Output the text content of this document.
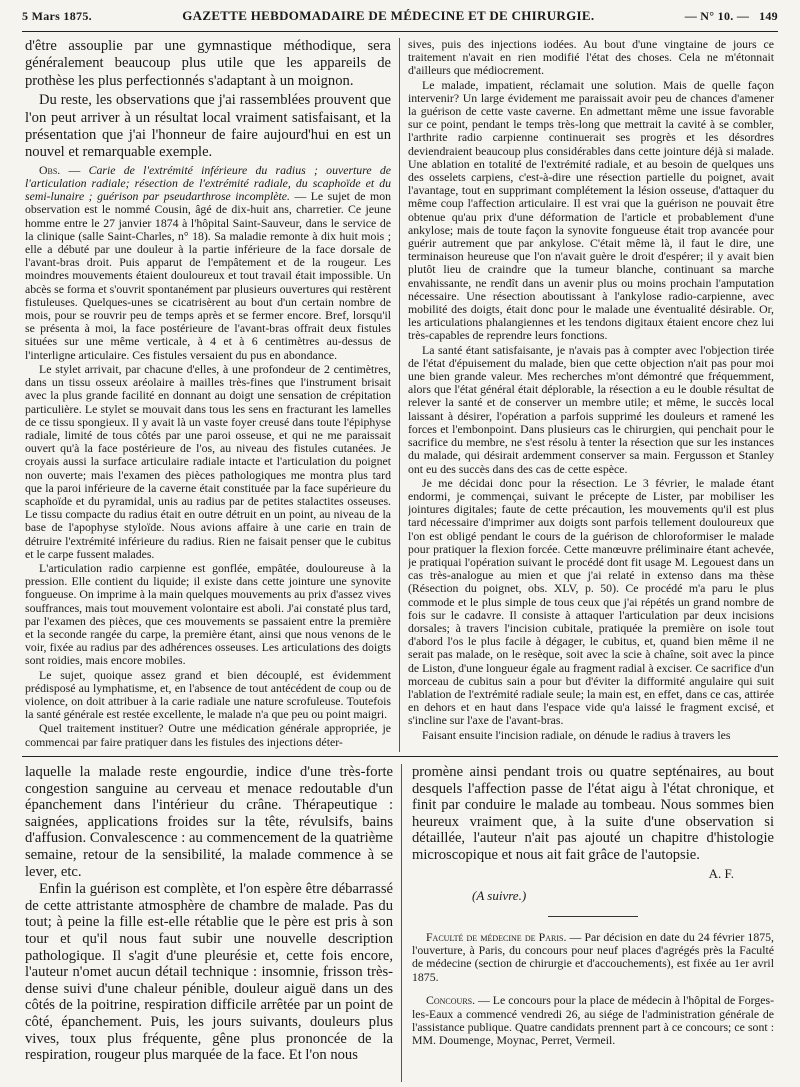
5 Mars 1875.	GAZETTE HEBDOMADAIRE DE MÉDECINE ET DE CHIRURGIE.	— N° 10. — 149

d'être assouplie par une gymnastique méthodique, sera généralement beaucoup plus utile que les appareils de prothèse les plus perfectionnés s'adaptant à un moignon.

Du reste, les observations que j'ai rassemblées prouvent que l'on peut arriver à un résultat local vraiment satisfaisant, et la présentation que j'ai l'honneur de faire aujourd'hui en est un nouvel et remarquable exemple.

Obs. — Carie de l'extrémité inférieure du radius ; ouverture de l'articulation radiale; résection de l'extrémité radiale, du scaphoïde et du semi-lunaire ; guérison par pseudarthrose incomplète. — Le sujet de mon observation est le nommé Cousin, âgé de dix-huit ans, charretier. Ce jeune homme entre le 27 janvier 1874 à l'hôpital Saint-Sauveur, dans le service de la clinique (salle Saint-Charles, n° 18). Sa maladie remonte à dix huit mois ; elle a débuté par une douleur à la partie inférieure de la face dorsale de l'avant-bras droit. Puis apparut de l'empâtement et de la rougeur. Les moindres mouvements étaient douloureux et tout travail était impossible. Un abcès se forma et s'ouvrit spontanément par plusieurs ouvertures qui restèrent fistuleuses. Quelques-unes se cicatrisèrent au bout d'un certain nombre de mois, pour se rouvrir peu de temps après et se fermer encore. Bref, lorsqu'il se présenta à moi, la face postérieure de l'avant-bras offrait deux fistules situées sur une même verticale, à 4 et à 6 centimètres au-dessus de l'interligne articulaire. Ces fistules versaient du pus en abondance.

Le stylet arrivait, par chacune d'elles, à une profondeur de 2 centimètres, dans un tissu osseux aréolaire à mailles très-fines que l'instrument brisait avec la plus grande facilité en donnant au doigt une sensation de crépitation particulière. Le stylet se mouvait dans tous les sens en fracturant les lamelles de ce tissu spongieux. Il y avait là un vaste foyer creusé dans toute l'épiphyse radiale, limité de tous côtés par une paroi osseuse, et qui ne me paraissait ouvert qu'à la face postérieure de l'os, au niveau des fistules cutanées. Je croyais aussi la surface articulaire radiale intacte et l'articulation du poignet non ouverte; mais l'examen des pièces pathologiques me montra plus tard que la paroi inférieure de la caverne était constituée par la face supérieure du scaphoïde et du pyramidal, unis au radius par de petites stalactites osseuses. Le tissu compacte du radius était en outre détruit en un point, au niveau de la base de l'apophyse styloïde. Nous avions affaire à une carie en train de détruire l'extrémité inférieure du radius. Rien ne faisait penser que le cubitus et le carpe fussent malades.

L'articulation radio carpienne est gonflée, empâtée, douloureuse à la pression. Elle contient du liquide; il existe dans cette jointure une synovite fongueuse. On imprime à la main quelques mouvements au prix d'assez vives souffrances, mais tout mouvement volontaire est aboli. J'ai constaté plus tard, par l'examen des pièces, que ces mouvements se passaient entre la première et la seconde rangée du carpe, la première étant, ainsi que nous venons de le voir, fixée au radius par des adhérences osseuses. Les articulations des doigts sont roidies, mais encore mobiles.

Le sujet, quoique assez grand et bien découplé, est évidemment prédisposé au lymphatisme, et, en l'absence de tout antécédent de coup ou de violence, on doit attribuer à la carie radiale une nature scrofuleuse. Toutefois la santé générale est restée excellente, le malade n'a que peu ou point maigri.

Quel traitement instituer? Outre une médication générale appropriée, je commencai par faire pratiquer dans les fistules des injections déter-

sives, puis des injections iodées. Au bout d'une vingtaine de jours ce traitement n'avait en rien modifié l'état des choses. Cela ne m'étonnait d'ailleurs que médiocrement.

Le malade, impatient, réclamait une solution. Mais de quelle façon intervenir? Un large évidement me paraissait avoir peu de chances d'amener la guérison de cette vaste caverne. En admettant même une issue favorable sur ce point, pendant le temps très-long que mettrait la cavité à se combler, l'arthrite radio carpienne continuerait ses progrès et les désordres deviendraient beaucoup plus considérables dans cette jointure déjà si malade. Une ablation en totalité de l'extrémité radiale, et au besoin de quelques uns des osselets carpiens, c'est-à-dire une résection partielle du poignet, avait l'avantage, tout en supprimant complétement la lésion osseuse, d'attaquer du même coup l'affection articulaire. Il est vrai que la guérison ne pouvait être obtenue qu'au prix d'une déformation de l'article et probablement d'une ankylose; mais de toute façon la synovite fongueuse était trop avancée pour guérir autrement que par ankylose. C'était même là, il faut le dire, une terminaison heureuse que l'on n'avait guère le droit d'espérer; il y avait bien plutôt lieu de craindre que la tumeur blanche, continuant sa marche envahissante, ne rendît dans un avenir plus ou moins prochain l'amputation nécessaire. Une résection aboutissant à l'ankylose radio-carpienne, avec mobilité des doigts, était donc pour le malade une éventualité désirable. Or, les articulations phalangiennes et les tendons digitaux étaient encore chez lui très-capables de reprendre leurs fonctions.

La santé étant satisfaisante, je n'avais pas à compter avec l'objection tirée de l'état d'épuisement du malade, bien que cette objection n'ait pas pour moi une bien grande valeur. Mes recherches m'ont démontré que fréquemment, alors que l'état général était déplorable, la résection a eu le double résultat de relever la santé et de conserver un membre utile; et même, le succès local laissant à désirer, l'opération a parfois supprimé les douleurs et ramené les forces et l'embonpoint. Dans plusieurs cas le chirurgien, qui penchait pour le sacrifice du membre, ne s'est résolu à tenter la résection que sur les instances du malade, qui désirait ardemment conserver sa main. Fergusson et Stanley ont eu des succès dans des cas de cette espèce.

Je me décidai donc pour la résection. Le 3 février, le malade étant endormi, je commençai, suivant le précepte de Lister, par mobiliser les jointures digitales; faute de cette précaution, les mouvements qu'il est plus tard nécessaire d'imprimer aux doigts sont parfois tellement douloureux que l'on est obligé pendant le cours de la guérison de chloroformiser le malade pour pratiquer la flexion forcée. Cette manœuvre préliminaire étant achevée, je pratiquai l'opération suivant le procédé dont fit usage M. Legouest dans un cas très-analogue au mien et que j'ai relaté in extenso dans ma thèse (Résection du poignet, obs. XLV, p. 50). Ce procédé m'a paru le plus commode et le plus simple de tous ceux que j'ai répétés un grand nombre de fois sur le cadavre. Il consiste à attaquer l'articulation par deux incisions dorsales; à travers l'incision cubitale, pratiquée la première on isole tout d'abord l'os le plus facile à dégager, le cubitus, et, quand bien même il ne serait pas malade, on le resèque, soit avec la scie à chaîne, soit avec la pince de Liston, d'une longueur égale au fragment radial à exciser. Ce sacrifice d'un morceau de cubitus sain a pour but d'éviter la difformité angulaire qui suit l'ablation de l'extrémité radiale seule; la main est, en effet, dans ce cas, attirée en dehors et en haut dans l'espace vide qu'a laissé le fragment excisé, et s'incline sur l'axe de l'avant-bras.

Faisant ensuite l'incision radiale, on dénude le radius à travers les

laquelle la malade reste engourdie, indice d'une très-forte congestion sanguine au cerveau et menace redoutable d'un épanchement dans l'intérieur du crâne. Thérapeutique : saignées, applications froides sur la tête, révulsifs, bains d'affusion. Convalescence : au commencement de la quatrième semaine, retour de la sensibilité, la malade commence à se lever, etc.

Enfin la guérison est complète, et l'on espère être débarrassé de cette attristante atmosphère de chambre de malade. Pas du tout; à peine la fille est-elle rétablie que le père est pris à son tour et qu'il nous faut subir une nouvelle description pathologique. Il s'agit d'une pleurésie et, cette fois encore, l'auteur n'omet aucun détail technique : insomnie, frisson très-dense suivi d'une chaleur pénible, douleur aiguë dans un des côtés de la poitrine, respiration difficile arrêtée par un point de côté, épanchement. Puis, les jours suivants, douleurs plus vives, toux plus fréquente, gêne plus prononcée de la respiration, rougeur plus marquée de la face. Et l'on nous

promène ainsi pendant trois ou quatre septénaires, au bout desquels l'affection passe de l'état aigu à l'état chronique, et finit par conduire le malade au tombeau. Nous sommes bien heureux vraiment que, à la suite d'une observation si détaillée, l'auteur n'ait pas ajouté un chapitre d'histologie microscopique et nous ait fait grâce de l'autopsie.

A. F.
(A suivre.)

Faculté de médecine de Paris. — Par décision en date du 24 février 1875, l'ouverture, à Paris, du concours pour neuf places d'agrégés près la Faculté de médecine (section de chirurgie et d'accouchements), est fixée au 1er avril 1875.

Concours. — Le concours pour la place de médecin à l'hôpital de Forges-les-Eaux a commencé vendredi 26, au siége de l'administration générale de l'assistance publique. Quatre candidats prennent part à ce concours; ce sont : MM. Doumenge, Moynac, Perret, Vermeil.
